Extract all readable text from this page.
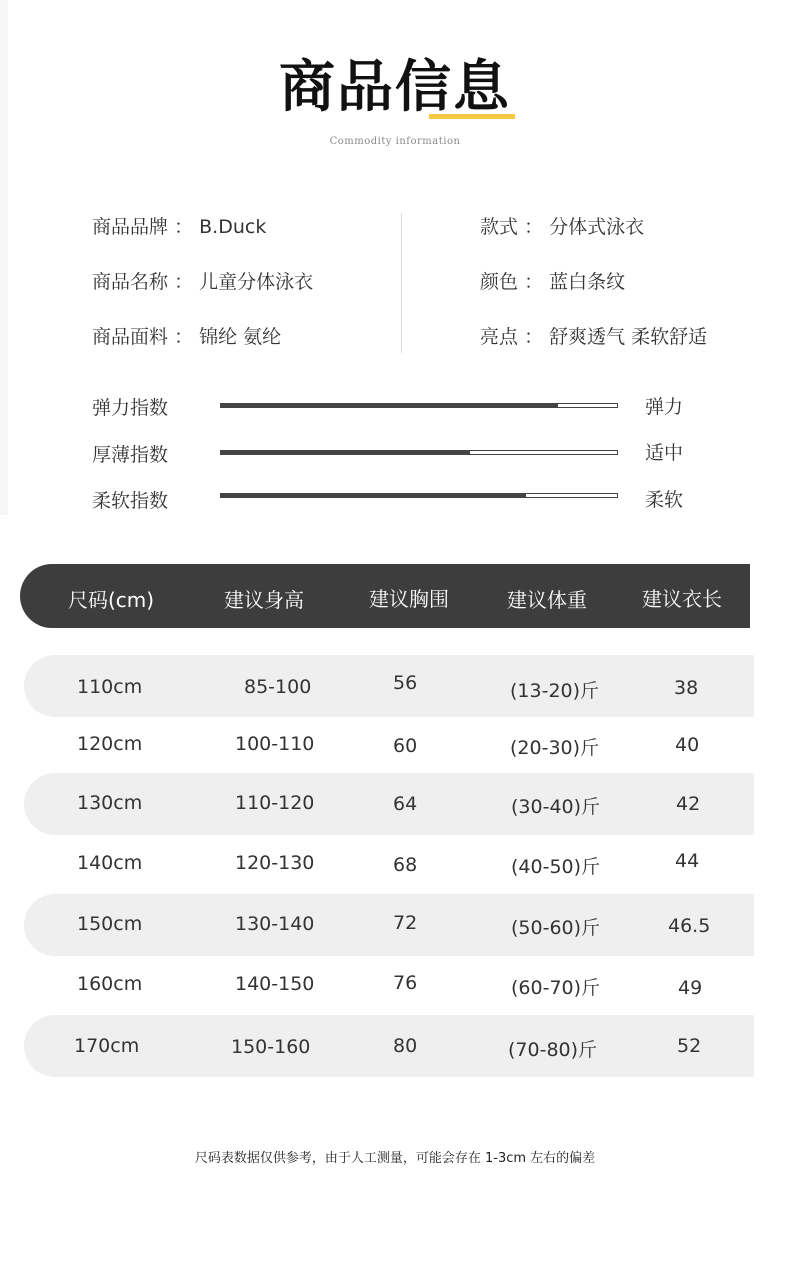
商品信息
Commodity information
商品品牌 ： B.Duck
商品名称 ： 儿童分体泳衣
商品面料 ： 锦纶 氨纶
款式 ： 分体式泳衣
颜色 ： 蓝白条纹
亮点 ： 舒爽透气 柔软舒适
弹力指数	弹力
厚薄指数	适中
柔软指数	柔软
尺码(cm)	建议身高	建议胸围	建议体重	建议衣长
110cm	85-100	56	(13-20)斤	38
120cm	100-110	60	(20-30)斤	40
130cm	110-120	64	(30-40)斤	42
140cm	120-130	68	(40-50)斤	44
150cm	130-140	72	(50-60)斤	46.5
160cm	140-150	76	(60-70)斤	49
170cm	150-160	80	(70-80)斤	52
尺码表数据仅供参考，由于人工测量，可能会存在 1-3cm 左右的偏差
